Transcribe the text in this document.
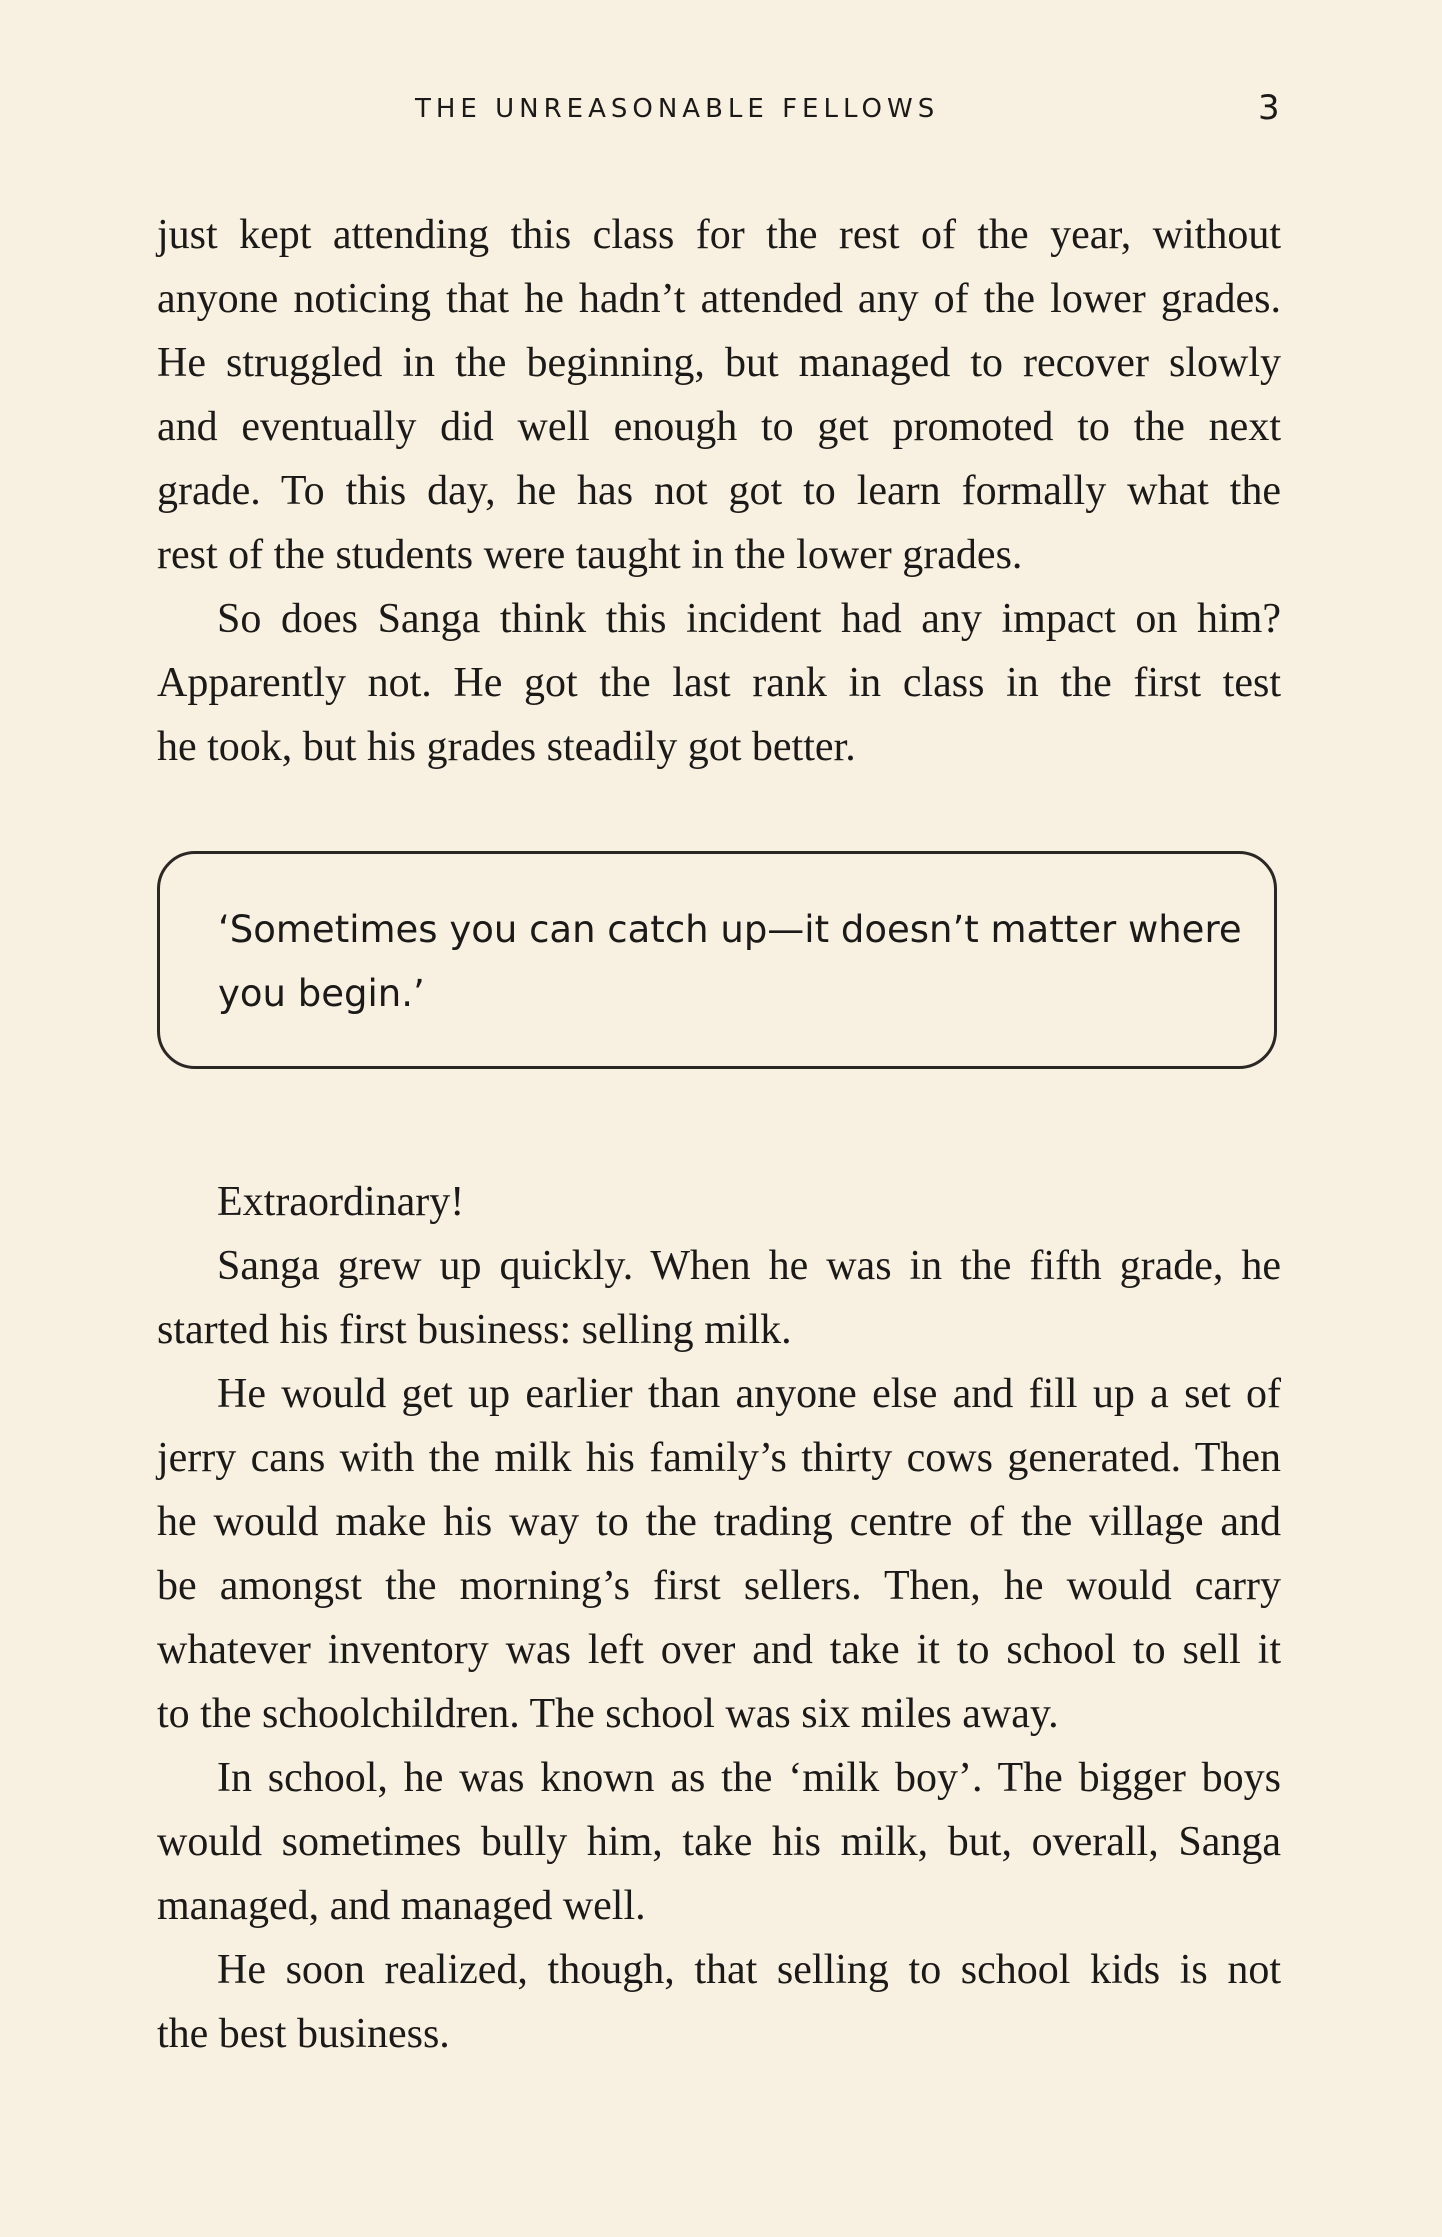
THE UNREASONABLE FELLOWS	3
just kept attending this class for the rest of the year, without
anyone noticing that he hadn’t attended any of the lower grades.
He struggled in the beginning, but managed to recover slowly
and eventually did well enough to get promoted to the next
grade. To this day, he has not got to learn formally what the
rest of the students were taught in the lower grades.
So does Sanga think this incident had any impact on him?
Apparently not. He got the last rank in class in the first test
he took, but his grades steadily got better.
‘Sometimes you can catch up—it doesn’t matter where
you begin.’
Extraordinary!
Sanga grew up quickly. When he was in the fifth grade, he
started his first business: selling milk.
He would get up earlier than anyone else and fill up a set of
jerry cans with the milk his family’s thirty cows generated. Then
he would make his way to the trading centre of the village and
be amongst the morning’s first sellers. Then, he would carry
whatever inventory was left over and take it to school to sell it
to the schoolchildren. The school was six miles away.
In school, he was known as the ‘milk boy’. The bigger boys
would sometimes bully him, take his milk, but, overall, Sanga
managed, and managed well.
He soon realized, though, that selling to school kids is not
the best business.
